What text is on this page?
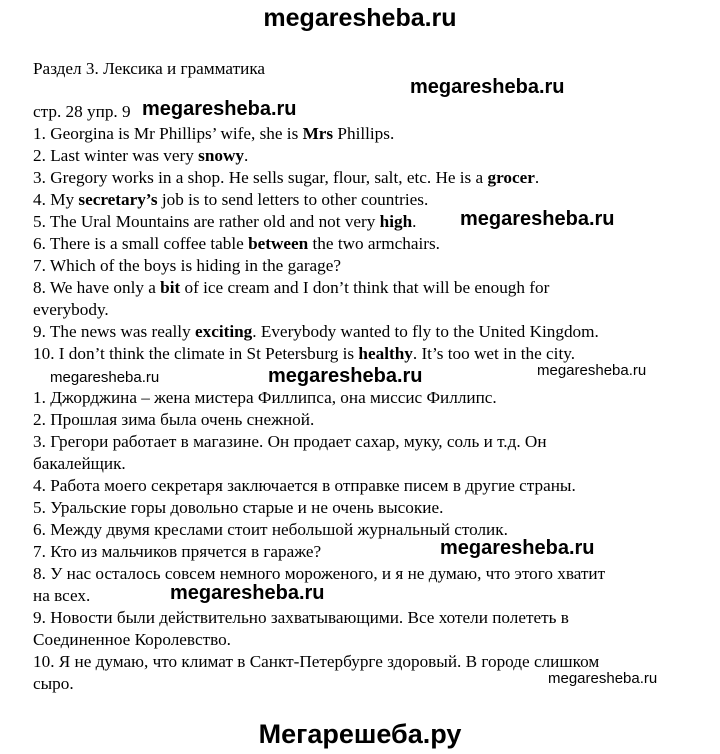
megaresheba.ru
Раздел 3. Лексика и грамматика
стр. 28 упр. 9
1. Georgina is Mr Phillips’ wife, she is Mrs Phillips.
2. Last winter was very snowy.
3. Gregory works in a shop. He sells sugar, flour, salt, etc. He is a grocer.
4. My secretary’s job is to send letters to other countries.
5. The Ural Mountains are rather old and not very high.
6. There is a small coffee table between the two armchairs.
7. Which of the boys is hiding in the garage?
8. We have only a bit of ice cream and I don’t think that will be enough for
everybody.
9. The news was really exciting. Everybody wanted to fly to the United Kingdom.
10. I don’t think the climate in St Petersburg is healthy. It’s too wet in the city.
1. Джорджина – жена мистера Филлипса, она миссис Филлипс.
2. Прошлая зима была очень снежной.
3. Грегори работает в магазине. Он продает сахар, муку, соль и т.д. Он
бакалейщик.
4. Работа моего секретаря заключается в отправке писем в другие страны.
5. Уральские горы довольно старые и не очень высокие.
6. Между двумя креслами стоит небольшой журнальный столик.
7. Кто из мальчиков прячется в гараже?
8. У нас осталось совсем немного мороженого, и я не думаю, что этого хватит
на всех.
9. Новости были действительно захватывающими. Все хотели полететь в
Соединенное Королевство.
10. Я не думаю, что климат в Санкт-Петербурге здоровый. В городе слишком
сыро.
megaresheba.ru
megaresheba.ru
megaresheba.ru
megaresheba.ru	megaresheba.ru	megaresheba.ru
megaresheba.ru
megaresheba.ru
megaresheba.ru
Мегарешеба.ру
